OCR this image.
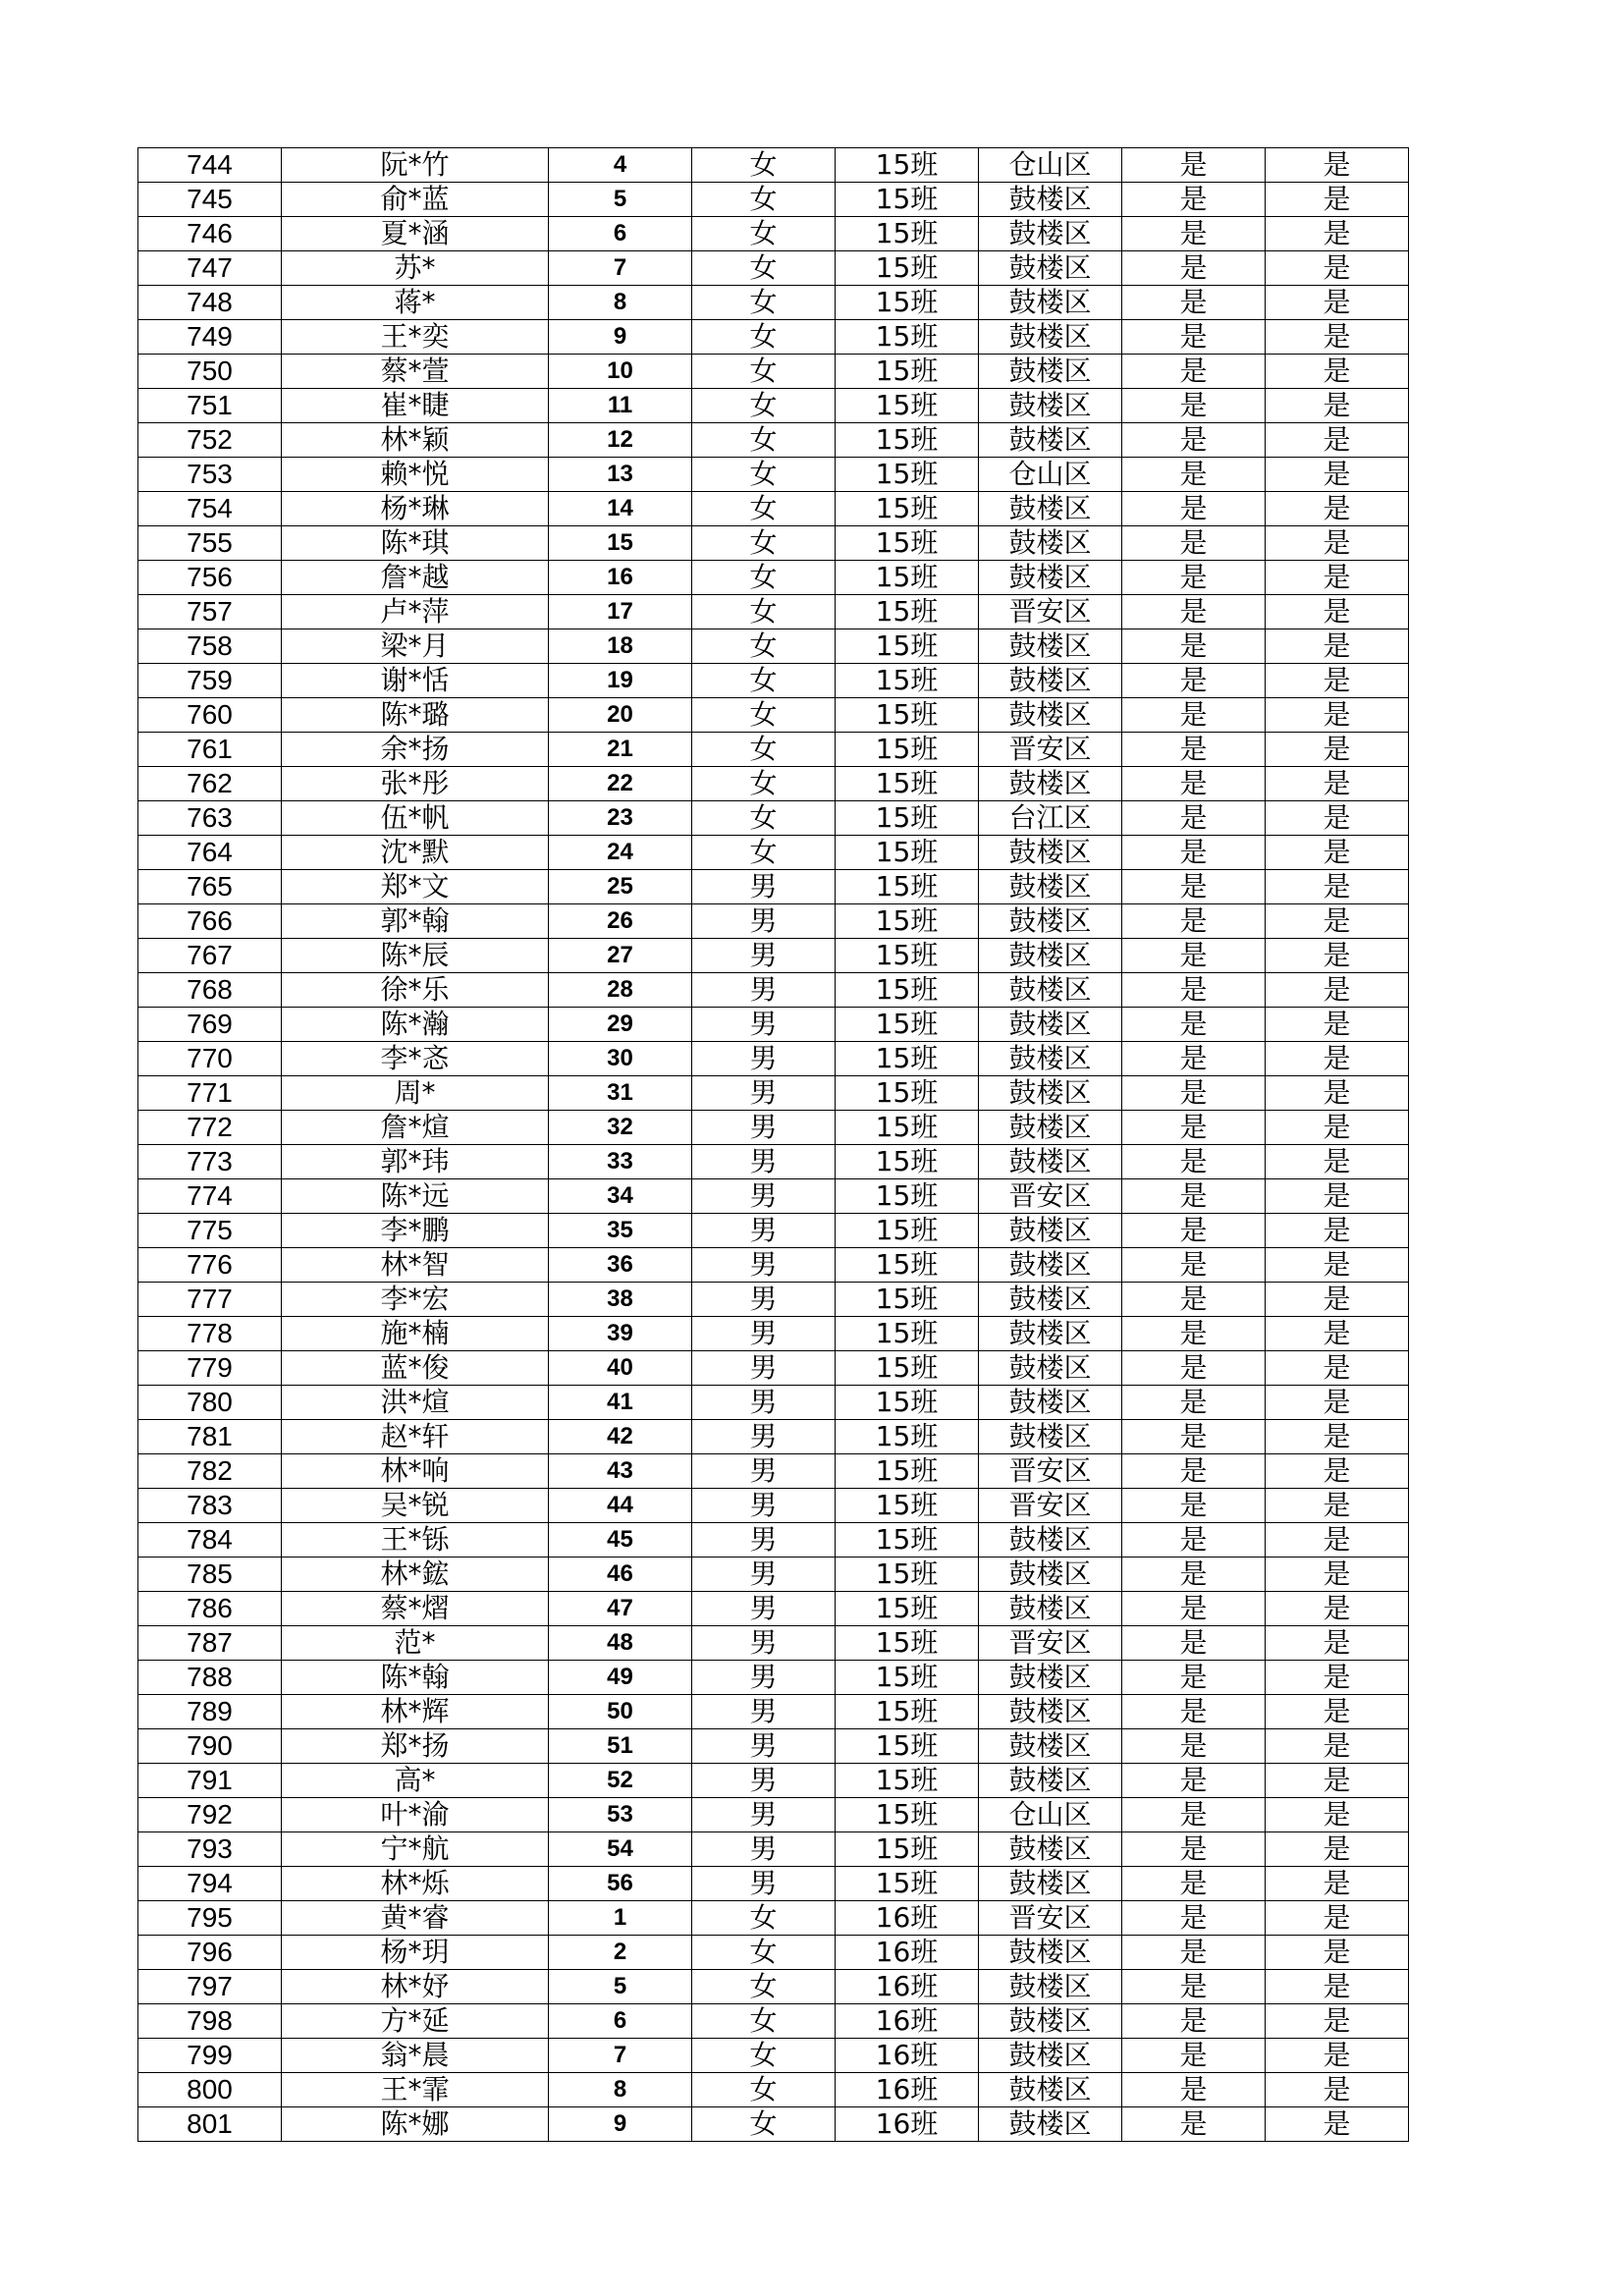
744	阮*竹	4	女	15班	仓山区	是	是
745	俞*蓝	5	女	15班	鼓楼区	是	是
746	夏*涵	6	女	15班	鼓楼区	是	是
747	苏*	7	女	15班	鼓楼区	是	是
748	蒋*	8	女	15班	鼓楼区	是	是
749	王*奕	9	女	15班	鼓楼区	是	是
750	蔡*萱	10	女	15班	鼓楼区	是	是
751	崔*睫	11	女	15班	鼓楼区	是	是
752	林*颖	12	女	15班	鼓楼区	是	是
753	赖*悦	13	女	15班	仓山区	是	是
754	杨*琳	14	女	15班	鼓楼区	是	是
755	陈*琪	15	女	15班	鼓楼区	是	是
756	詹*越	16	女	15班	鼓楼区	是	是
757	卢*萍	17	女	15班	晋安区	是	是
758	梁*月	18	女	15班	鼓楼区	是	是
759	谢*恬	19	女	15班	鼓楼区	是	是
760	陈*璐	20	女	15班	鼓楼区	是	是
761	余*扬	21	女	15班	晋安区	是	是
762	张*彤	22	女	15班	鼓楼区	是	是
763	伍*帆	23	女	15班	台江区	是	是
764	沈*默	24	女	15班	鼓楼区	是	是
765	郑*文	25	男	15班	鼓楼区	是	是
766	郭*翰	26	男	15班	鼓楼区	是	是
767	陈*辰	27	男	15班	鼓楼区	是	是
768	徐*乐	28	男	15班	鼓楼区	是	是
769	陈*瀚	29	男	15班	鼓楼区	是	是
770	李*忞	30	男	15班	鼓楼区	是	是
771	周*	31	男	15班	鼓楼区	是	是
772	詹*煊	32	男	15班	鼓楼区	是	是
773	郭*玮	33	男	15班	鼓楼区	是	是
774	陈*远	34	男	15班	晋安区	是	是
775	李*鹏	35	男	15班	鼓楼区	是	是
776	林*智	36	男	15班	鼓楼区	是	是
777	李*宏	38	男	15班	鼓楼区	是	是
778	施*楠	39	男	15班	鼓楼区	是	是
779	蓝*俊	40	男	15班	鼓楼区	是	是
780	洪*煊	41	男	15班	鼓楼区	是	是
781	赵*轩	42	男	15班	鼓楼区	是	是
782	林*响	43	男	15班	晋安区	是	是
783	吴*锐	44	男	15班	晋安区	是	是
784	王*铄	45	男	15班	鼓楼区	是	是
785	林*鋐	46	男	15班	鼓楼区	是	是
786	蔡*熠	47	男	15班	鼓楼区	是	是
787	范*	48	男	15班	晋安区	是	是
788	陈*翰	49	男	15班	鼓楼区	是	是
789	林*辉	50	男	15班	鼓楼区	是	是
790	郑*扬	51	男	15班	鼓楼区	是	是
791	高*	52	男	15班	鼓楼区	是	是
792	叶*渝	53	男	15班	仓山区	是	是
793	宁*航	54	男	15班	鼓楼区	是	是
794	林*烁	56	男	15班	鼓楼区	是	是
795	黄*睿	1	女	16班	晋安区	是	是
796	杨*玥	2	女	16班	鼓楼区	是	是
797	林*妤	5	女	16班	鼓楼区	是	是
798	方*延	6	女	16班	鼓楼区	是	是
799	翁*晨	7	女	16班	鼓楼区	是	是
800	王*霏	8	女	16班	鼓楼区	是	是
801	陈*娜	9	女	16班	鼓楼区	是	是
